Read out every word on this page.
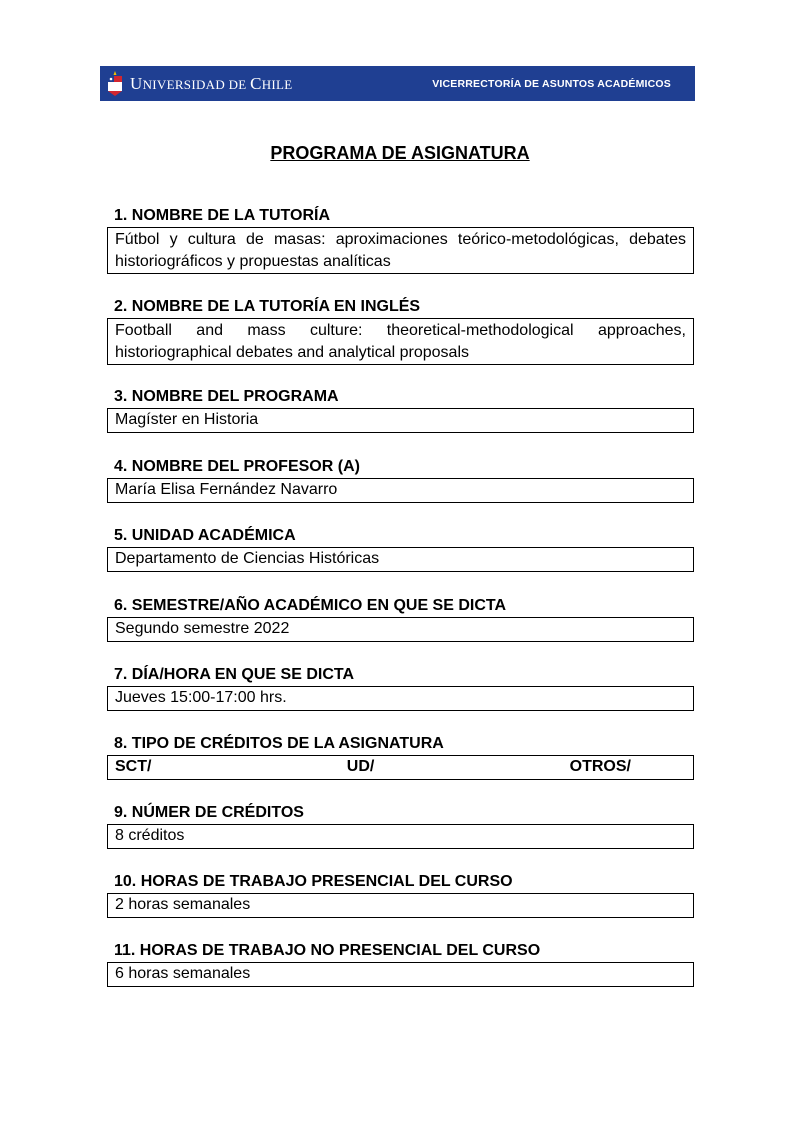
UNIVERSIDAD DE CHILE	VICERRECTORÍA DE ASUNTOS ACADÉMICOS
PROGRAMA DE ASIGNATURA
1. NOMBRE DE LA TUTORÍA
Fútbol y cultura de masas: aproximaciones teórico-metodológicas, debates historiográficos y propuestas analíticas
2. NOMBRE DE LA TUTORÍA EN INGLÉS
Football and mass culture: theoretical-methodological approaches, historiographical debates and analytical proposals
3. NOMBRE DEL PROGRAMA
Magíster en Historia
4. NOMBRE DEL PROFESOR (A)
María Elisa Fernández Navarro
5. UNIDAD ACADÉMICA
Departamento de Ciencias Históricas
6. SEMESTRE/AÑO ACADÉMICO EN QUE SE DICTA
Segundo semestre 2022
7. DÍA/HORA EN QUE SE DICTA
Jueves 15:00-17:00 hrs.
8. TIPO DE CRÉDITOS DE LA ASIGNATURA
SCT/	UD/	OTROS/
9. NÚMER DE CRÉDITOS
8 créditos
10. HORAS DE TRABAJO PRESENCIAL DEL CURSO
2 horas semanales
11. HORAS DE TRABAJO NO PRESENCIAL DEL CURSO
6 horas semanales
